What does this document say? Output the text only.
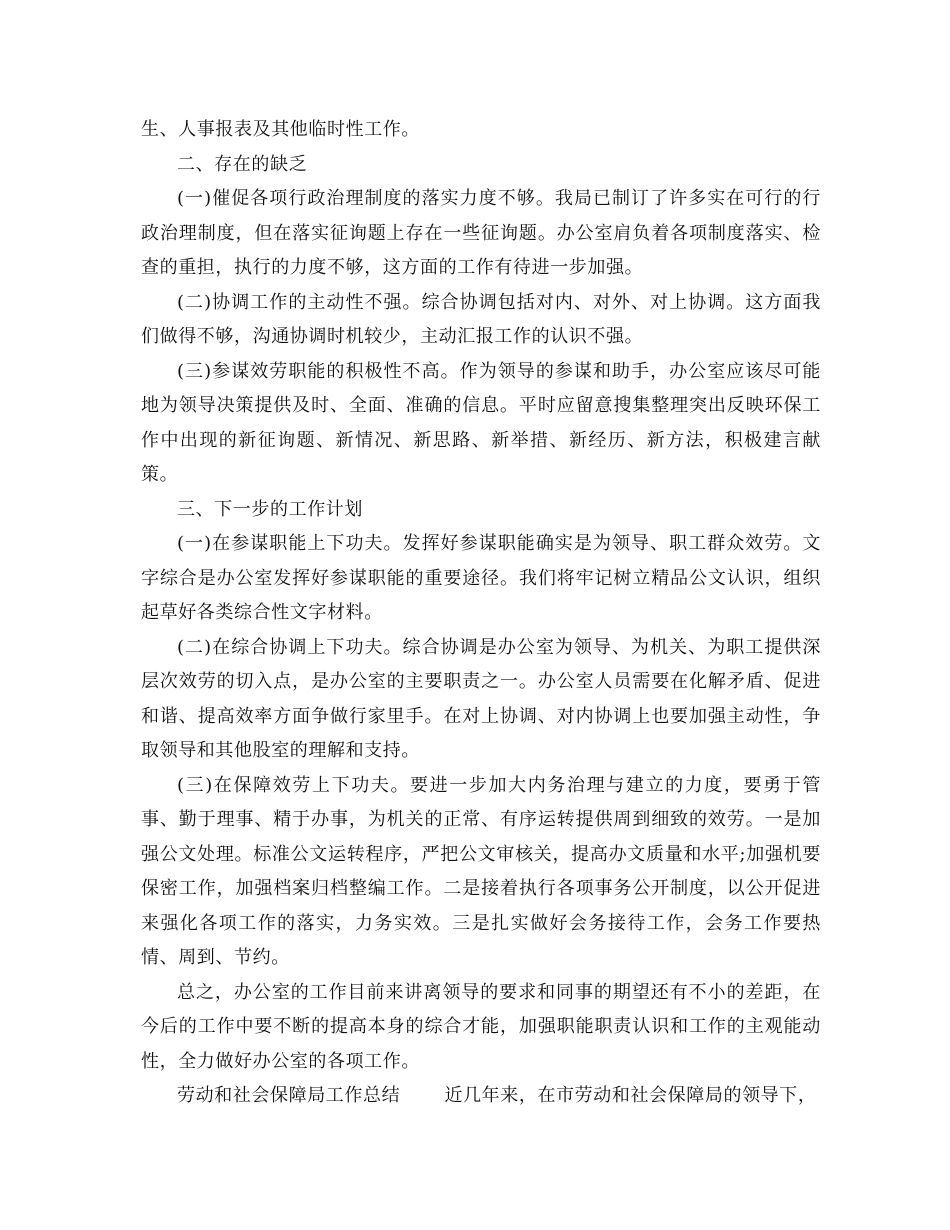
生、人事报表及其他临时性工作。

二、存在的缺乏

(一)催促各项行政治理制度的落实力度不够。我局已制订了许多实在可行的行政治理制度，但在落实征询题上存在一些征询题。办公室肩负着各项制度落实、检查的重担，执行的力度不够，这方面的工作有待进一步加强。

(二)协调工作的主动性不强。综合协调包括对内、对外、对上协调。这方面我们做得不够，沟通协调时机较少，主动汇报工作的认识不强。

(三)参谋效劳职能的积极性不高。作为领导的参谋和助手，办公室应该尽可能地为领导决策提供及时、全面、准确的信息。平时应留意搜集整理突出反映环保工作中出现的新征询题、新情况、新思路、新举措、新经历、新方法，积极建言献策。

三、下一步的工作计划

(一)在参谋职能上下功夫。发挥好参谋职能确实是为领导、职工群众效劳。文字综合是办公室发挥好参谋职能的重要途径。我们将牢记树立精品公文认识，组织起草好各类综合性文字材料。

(二)在综合协调上下功夫。综合协调是办公室为领导、为机关、为职工提供深层次效劳的切入点，是办公室的主要职责之一。办公室人员需要在化解矛盾、促进和谐、提高效率方面争做行家里手。在对上协调、对内协调上也要加强主动性，争取领导和其他股室的理解和支持。

(三)在保障效劳上下功夫。要进一步加大内务治理与建立的力度，要勇于管事、勤于理事、精于办事，为机关的正常、有序运转提供周到细致的效劳。一是加强公文处理。标准公文运转程序，严把公文审核关，提高办文质量和水平;加强机要保密工作，加强档案归档整编工作。二是接着执行各项事务公开制度，以公开促进来强化各项工作的落实，力务实效。三是扎实做好会务接待工作，会务工作要热情、周到、节约。

总之，办公室的工作目前来讲离领导的要求和同事的期望还有不小的差距，在今后的工作中要不断的提高本身的综合才能，加强职能职责认识和工作的主观能动性，全力做好办公室的各项工作。

劳动和社会保障局工作总结 近几年来，在市劳动和社会保障局的领导下，
